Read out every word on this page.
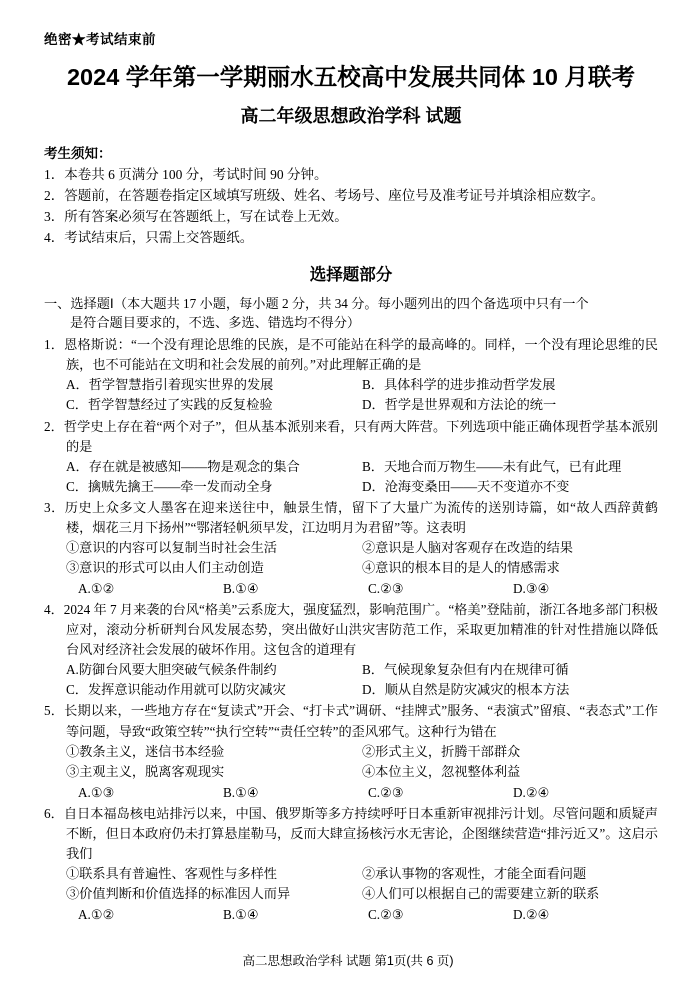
绝密★考试结束前
2024 学年第一学期丽水五校高中发展共同体 10 月联考
高二年级思想政治学科 试题
考生须知：
1．本卷共 6 页满分 100 分，考试时间 90 分钟。
2．答题前，在答题卷指定区域填写班级、姓名、考场号、座位号及准考证号并填涂相应数字。
3．所有答案必须写在答题纸上，写在试卷上无效。
4．考试结束后，只需上交答题纸。
选择题部分
一、选择题Ⅰ（本大题共 17 小题，每小题 2 分，共 34 分。每小题列出的四个备选项中只有一个
是符合题目要求的，不选、多选、错选均不得分）

1．恩格斯说：“一个没有理论思维的民族，是不可能站在科学的最高峰的。同样，一个没有理论思维的民族，也不可能站在文明和社会发展的前列。”对此理解正确的是

A．哲学智慧指引着现实世界的发展	B．具体科学的进步推动哲学发展
C．哲学智慧经过了实践的反复检验	D．哲学是世界观和方法论的统一

2．哲学史上存在着“两个对子”，但从基本派别来看，只有两大阵营。下列选项中能正确体现哲学基本派别的是

A．存在就是被感知——物是观念的集合	B．天地合而万物生——未有此气，已有此理
C．擒贼先擒王——牵一发而动全身	D．沧海变桑田——天不变道亦不变

3．历史上众多文人墨客在迎来送往中，触景生情，留下了大量广为流传的送别诗篇，如“故人西辞黄鹤楼，烟花三月下扬州”“鄂渚轻帆须早发，江边明月为君留”等。这表明

①意识的内容可以复制当时社会生活	②意识是人脑对客观存在改造的结果
③意识的形式可以由人们主动创造	④意识的根本目的是人的情感需求
A.①②	B.①④	C.②③	D.③④

4．2024 年 7 月来袭的台风“格美”云系庞大，强度猛烈，影响范围广。“格美”登陆前，浙江各地多部门积极应对，滚动分析研判台风发展态势，突出做好山洪灾害防范工作，采取更加精准的针对性措施以降低台风对经济社会发展的破坏作用。这包含的道理有

A.防御台风要大胆突破气候条件制约	B．气候现象复杂但有内在规律可循
C．发挥意识能动作用就可以防灾减灾	D．顺从自然是防灾减灾的根本方法

5．长期以来，一些地方存在“复读式”开会、“打卡式”调研、“挂牌式”服务、“表演式”留痕、“表态式”工作等问题，导致“政策空转”“执行空转”“责任空转”的歪风邪气。这种行为错在

①教条主义，迷信书本经验	②形式主义，折腾干部群众
③主观主义，脱离客观现实	④本位主义，忽视整体利益
A.①③	B.①④	C.②③	D.②④

6．自日本福岛核电站排污以来，中国、俄罗斯等多方持续呼吁日本重新审视排污计划。尽管问题和质疑声不断，但日本政府仍未打算悬崖勒马，反而大肆宣扬核污水无害论，企图继续营造“排污近又”。这启示我们

①联系具有普遍性、客观性与多样性	②承认事物的客观性，才能全面看问题
③价值判断和价值选择的标准因人而异	④人们可以根据自己的需要建立新的联系
A.①②	B.①④	C.②③	D.②④
高二思想政治学科 试题 第1页(共 6 页)
